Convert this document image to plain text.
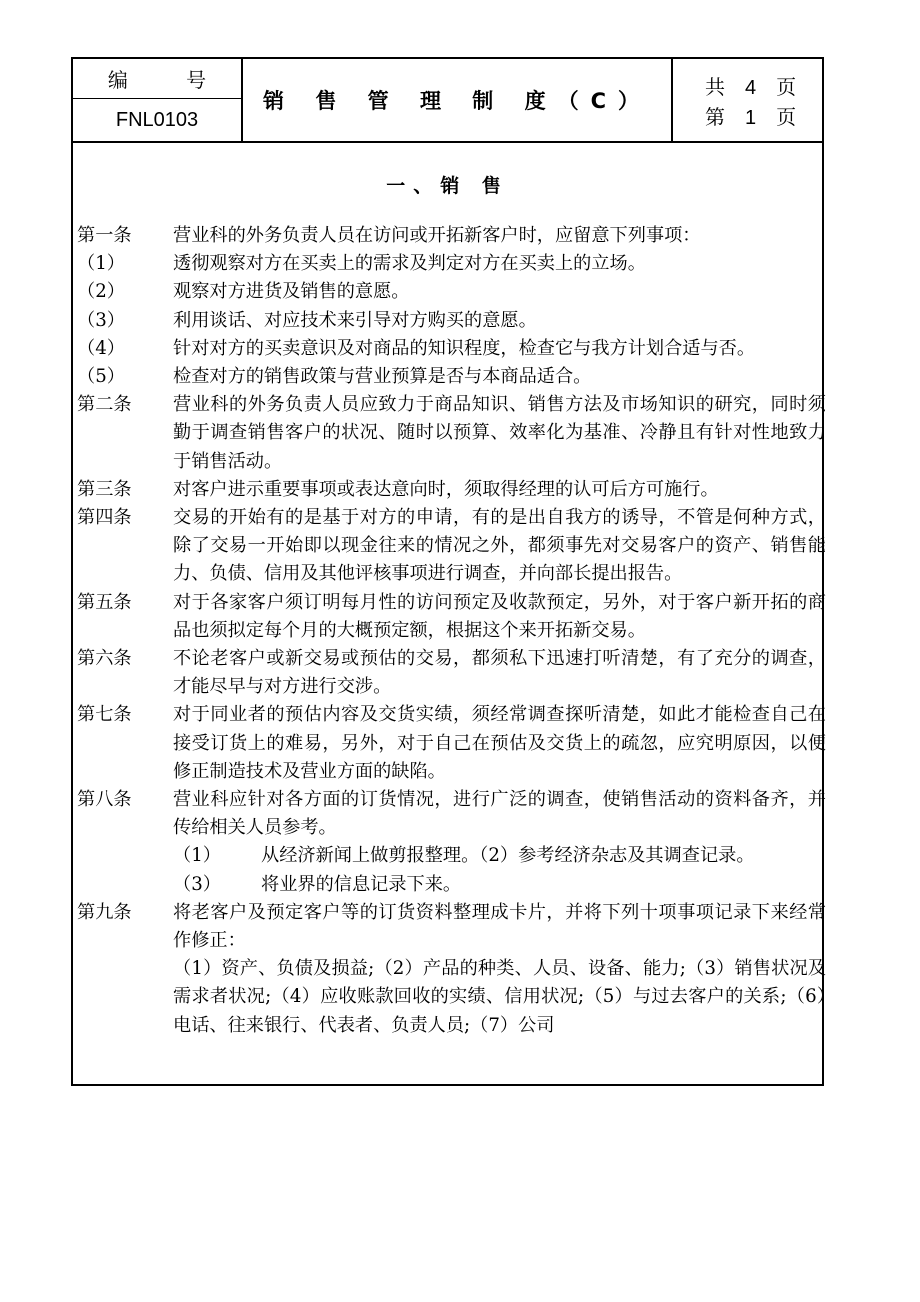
编 号
FNL0103
销 售 管 理 制 度（C）
共 4 页
第 1 页
一、销 售
第一条	营业科的外务负责人员在访问或开拓新客户时，应留意下列事项：
（1）	透彻观察对方在买卖上的需求及判定对方在买卖上的立场。
（2）	观察对方进货及销售的意愿。
（3）	利用谈话、对应技术来引导对方购买的意愿。
（4）	针对对方的买卖意识及对商品的知识程度，检查它与我方计划合适与否。
（5）	检查对方的销售政策与营业预算是否与本商品适合。
第二条	营业科的外务负责人员应致力于商品知识、销售方法及市场知识的研究，同时须勤于调查销售客户的状况、随时以预算、效率化为基准、冷静且有针对性地致力于销售活动。
第三条	对客户进示重要事项或表达意向时，须取得经理的认可后方可施行。
第四条	交易的开始有的是基于对方的申请，有的是出自我方的诱导，不管是何种方式，除了交易一开始即以现金往来的情况之外，都须事先对交易客户的资产、销售能力、负债、信用及其他评核事项进行调查，并向部长提出报告。
第五条	对于各家客户须订明每月性的访问预定及收款预定，另外，对于客户新开拓的商品也须拟定每个月的大概预定额，根据这个来开拓新交易。
第六条	不论老客户或新交易或预估的交易，都须私下迅速打听清楚，有了充分的调查，才能尽早与对方进行交涉。
第七条	对于同业者的预估内容及交货实绩，须经常调查探听清楚，如此才能检查自己在接受订货上的难易，另外，对于自己在预估及交货上的疏忽，应究明原因，以便修正制造技术及营业方面的缺陷。
第八条	营业科应针对各方面的订货情况，进行广泛的调查，使销售活动的资料备齐，并传给相关人员参考。
（1）	从经济新闻上做剪报整理。（2）参考经济杂志及其调查记录。
（3）	将业界的信息记录下来。
第九条	将老客户及预定客户等的订货资料整理成卡片，并将下列十项事项记录下来经常作修正：
（1）资产、负债及损益;（2）产品的种类、人员、设备、能力;（3）销售状况及需求者状况;（4）应收账款回收的实绩、信用状况;（5）与过去客户的关系;（6）电话、往来银行、代表者、负责人员;（7）公司
